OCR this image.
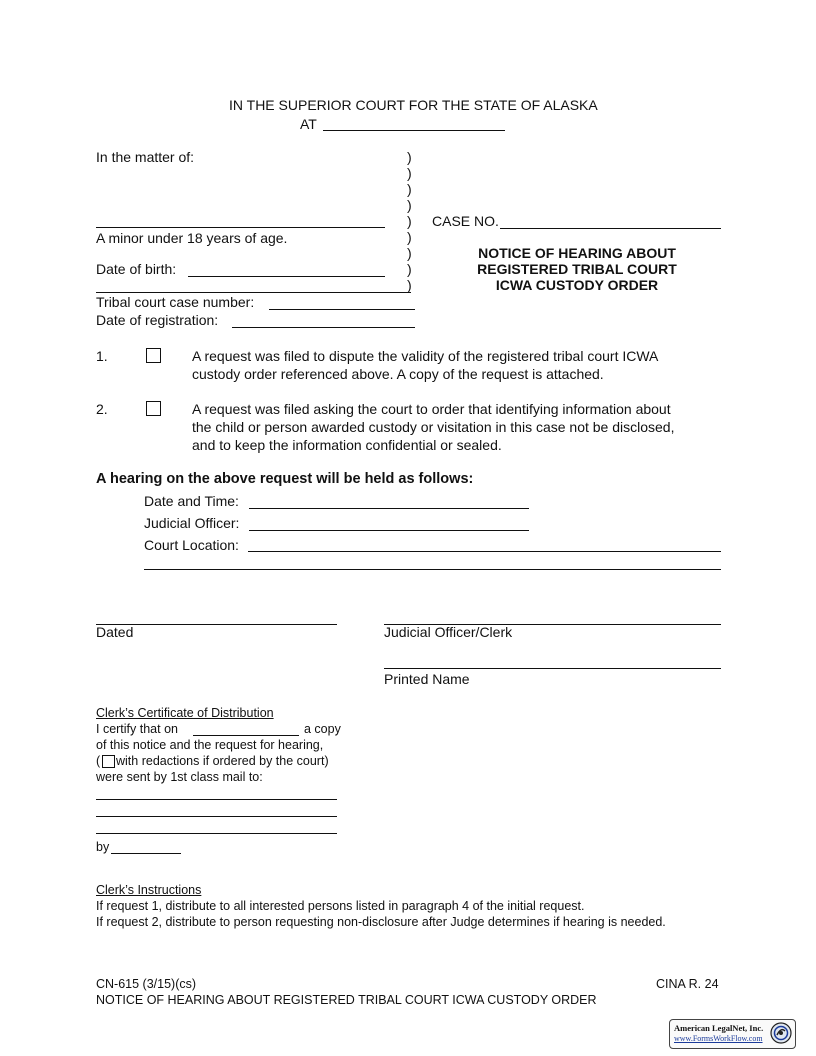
IN THE SUPERIOR COURT FOR THE STATE OF ALASKA
AT
In the matter of:
A minor under 18 years of age.
Date of birth:
)
)
)
)
)
)
)
)
)
CASE NO.
NOTICE OF HEARING ABOUT
REGISTERED TRIBAL COURT
ICWA CUSTODY ORDER
Tribal court case number:
Date of registration:
1.	A request was filed to dispute the validity of the registered tribal court ICWA
custody order referenced above. A copy of the request is attached.
2.	A request was filed asking the court to order that identifying information about
the child or person awarded custody or visitation in this case not be disclosed,
and to keep the information confidential or sealed.
A hearing on the above request will be held as follows:
Date and Time:
Judicial Officer:
Court Location:
Dated	Judicial Officer/Clerk
Printed Name
Clerk’s Certificate of Distribution
I certify that on	a copy
of this notice and the request for hearing,
( with redactions if ordered by the court)
were sent by 1st class mail to:
by
Clerk’s Instructions
If request 1, distribute to all interested persons listed in paragraph 4 of the initial request.
If request 2, distribute to person requesting non-disclosure after Judge determines if hearing is needed.
CN-615 (3/15)(cs)	CINA R. 24
NOTICE OF HEARING ABOUT REGISTERED TRIBAL COURT ICWA CUSTODY ORDER
American LegalNet, Inc.
www.FormsWorkFlow.com
